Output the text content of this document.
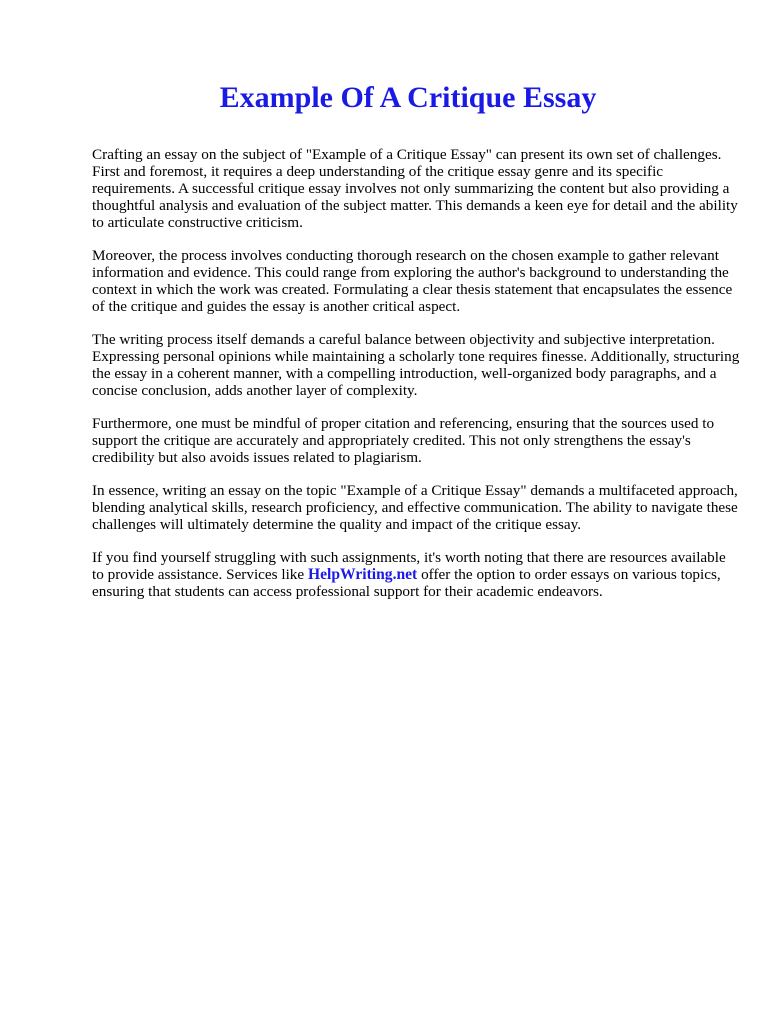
Example Of A Critique Essay

Crafting an essay on the subject of "Example of a Critique Essay" can present its own set of challenges. First and foremost, it requires a deep understanding of the critique essay genre and its specific requirements. A successful critique essay involves not only summarizing the content but also providing a thoughtful analysis and evaluation of the subject matter. This demands a keen eye for detail and the ability to articulate constructive criticism.

Moreover, the process involves conducting thorough research on the chosen example to gather relevant information and evidence. This could range from exploring the author's background to understanding the context in which the work was created. Formulating a clear thesis statement that encapsulates the essence of the critique and guides the essay is another critical aspect.

The writing process itself demands a careful balance between objectivity and subjective interpretation. Expressing personal opinions while maintaining a scholarly tone requires finesse. Additionally, structuring the essay in a coherent manner, with a compelling introduction, well-organized body paragraphs, and a concise conclusion, adds another layer of complexity.

Furthermore, one must be mindful of proper citation and referencing, ensuring that the sources used to support the critique are accurately and appropriately credited. This not only strengthens the essay's credibility but also avoids issues related to plagiarism.

In essence, writing an essay on the topic "Example of a Critique Essay" demands a multifaceted approach, blending analytical skills, research proficiency, and effective communication. The ability to navigate these challenges will ultimately determine the quality and impact of the critique essay.

If you find yourself struggling with such assignments, it's worth noting that there are resources available to provide assistance. Services like HelpWriting.net offer the option to order essays on various topics, ensuring that students can access professional support for their academic endeavors.
